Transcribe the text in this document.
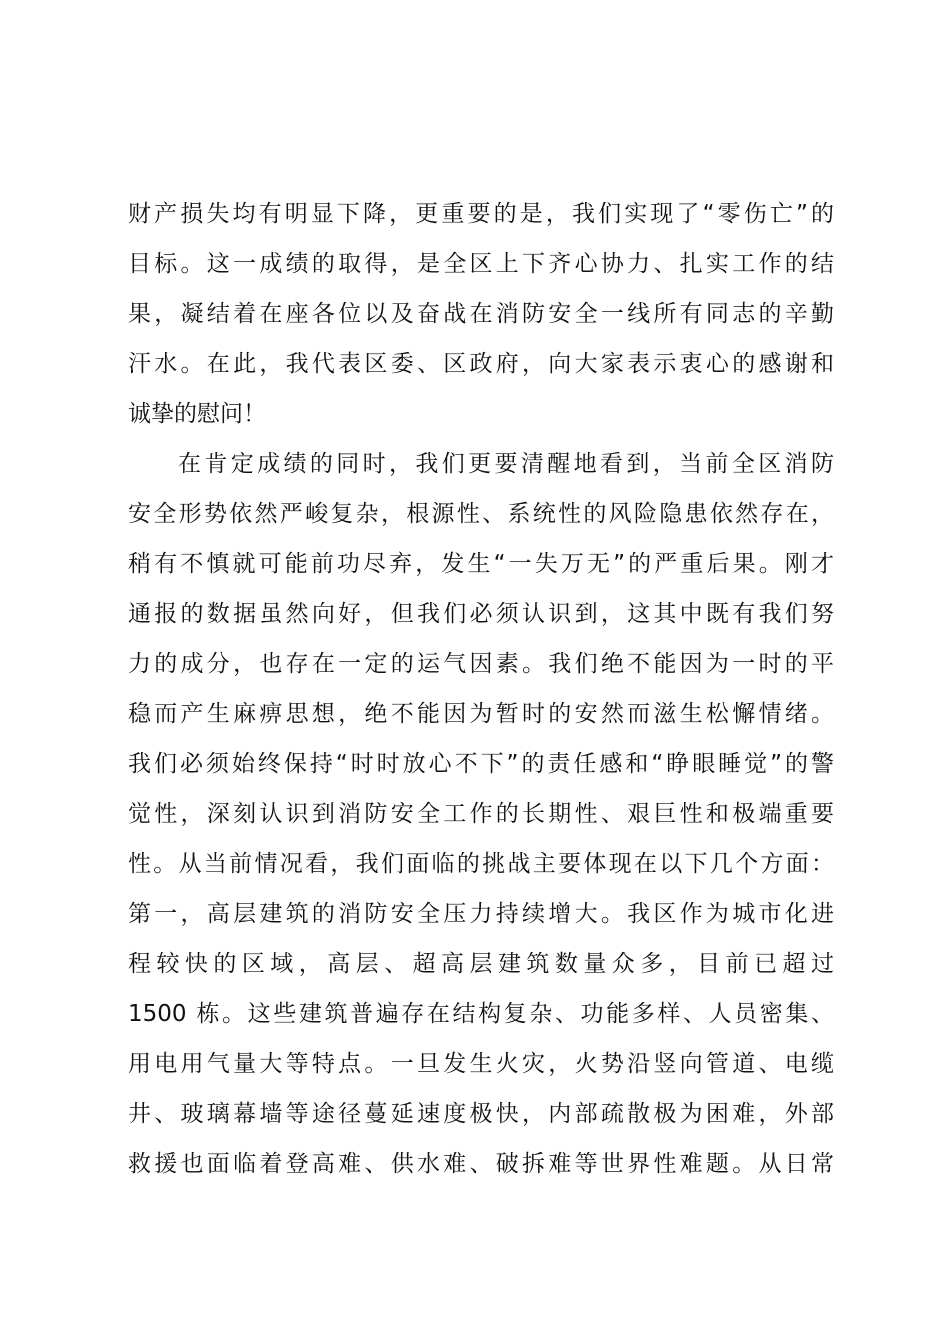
财产损失均有明显下降，更重要的是，我们实现了“零伤亡”的
目标。这一成绩的取得，是全区上下齐心协力、扎实工作的结
果，凝结着在座各位以及奋战在消防安全一线所有同志的辛勤
汗水。在此，我代表区委、区政府，向大家表示衷心的感谢和
诚挚的慰问！
在肯定成绩的同时，我们更要清醒地看到，当前全区消防
安全形势依然严峻复杂，根源性、系统性的风险隐患依然存在，
稍有不慎就可能前功尽弃，发生“一失万无”的严重后果。刚才
通报的数据虽然向好，但我们必须认识到，这其中既有我们努
力的成分，也存在一定的运气因素。我们绝不能因为一时的平
稳而产生麻痹思想，绝不能因为暂时的安然而滋生松懈情绪。
我们必须始终保持“时时放心不下”的责任感和“睁眼睡觉”的警
觉性，深刻认识到消防安全工作的长期性、艰巨性和极端重要
性。从当前情况看，我们面临的挑战主要体现在以下几个方面：
第一，高层建筑的消防安全压力持续增大。我区作为城市化进
程较快的区域，高层、超高层建筑数量众多，目前已超过
1500 栋。这些建筑普遍存在结构复杂、功能多样、人员密集、
用电用气量大等特点。一旦发生火灾，火势沿竖向管道、电缆
井、玻璃幕墙等途径蔓延速度极快，内部疏散极为困难，外部
救援也面临着登高难、供水难、破拆难等世界性难题。从日常
